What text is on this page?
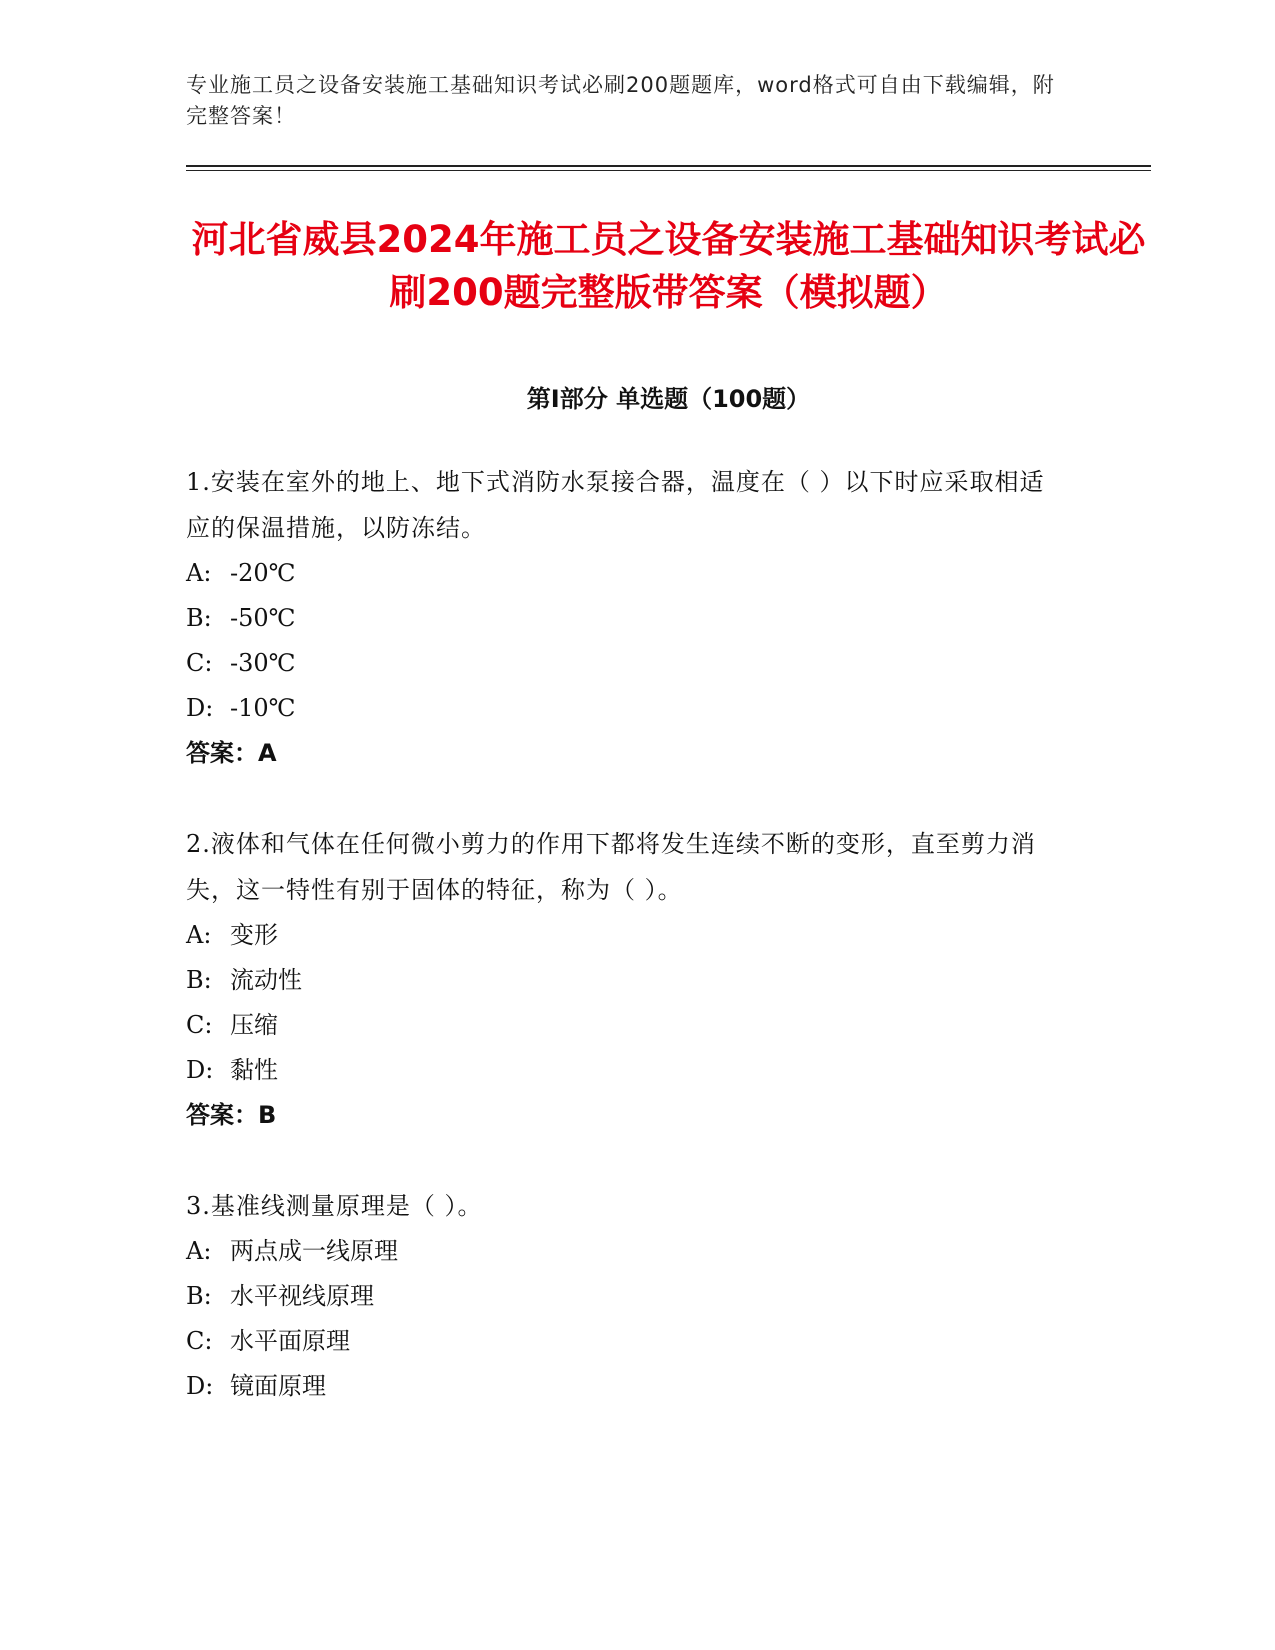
专业施工员之设备安装施工基础知识考试必刷200题题库，word格式可自由下载编辑，附完整答案！
河北省威县2024年施工员之设备安装施工基础知识考试必刷200题完整版带答案（模拟题）
第I部分 单选题（100题）
1.安装在室外的地上、地下式消防水泵接合器，温度在（ ）以下时应采取相适应的保温措施，以防冻结。
A: -20℃
B: -50℃
C: -30℃
D: -10℃
答案：A
2.液体和气体在任何微小剪力的作用下都将发生连续不断的变形，直至剪力消失，这一特性有别于固体的特征，称为（ ）。
A: 变形
B: 流动性
C: 压缩
D: 黏性
答案：B
3.基准线测量原理是（ ）。
A: 两点成一线原理
B: 水平视线原理
C: 水平面原理
D: 镜面原理
